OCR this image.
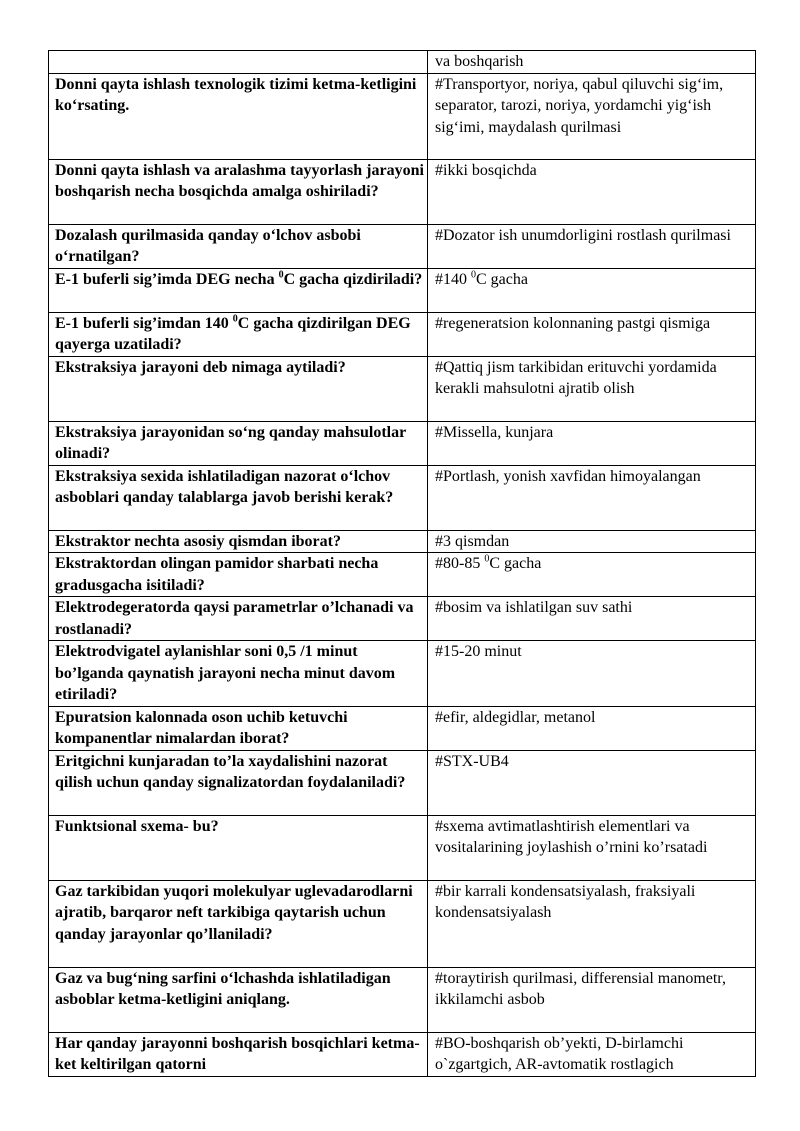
	va boshqarish
Donni qayta ishlash texnologik tizimi ketma-ketligini ko‘rsating.	#Transportyor, noriya, qabul qiluvchi sig‘im, separator, tarozi, noriya, yordamchi yig‘ish sig‘imi, maydalash qurilmasi
Donni qayta ishlash va aralashma tayyorlash jarayoni boshqarish necha bosqichda amalga oshiriladi?	#ikki bosqichda
Dozalash qurilmasida qanday o‘lchov asbobi o‘rnatilgan?	#Dozator ish unumdorligini rostlash qurilmasi
E-1 buferli sig’imda DEG necha $^0$C gacha qizdiriladi?	#140 $^0$C gacha
E-1 buferli sig’imdan 140 $^0$C gacha qizdirilgan DEG qayerga uzatiladi?	#regeneratsion kolonnaning pastgi qismiga
Ekstraksiya jarayoni deb nimaga aytiladi?	#Qattiq jism tarkibidan erituvchi yordamida kerakli mahsulotni ajratib olish
Ekstraksiya jarayonidan so‘ng qanday mahsulotlar olinadi?	#Missella, kunjara
Ekstraksiya sexida ishlatiladigan nazorat o‘lchov asboblari qanday talablarga javob berishi kerak?	#Portlash, yonish xavfidan himoyalangan
Ekstraktor nechta asosiy qismdan iborat?	#3 qismdan
Ekstraktordan olingan pamidor sharbati necha gradusgacha isitiladi?	#80-85 $^0$C gacha
Elektrodegeratorda qaysi parametrlar o’lchanadi va rostlanadi?	#bosim va ishlatilgan suv sathi
Elektrodvigatel aylanishlar soni 0,5 /1 minut bo’lganda qaynatish jarayoni necha minut davom etiriladi?	#15-20 minut
Epuratsion kalonnada oson uchib ketuvchi kompanentlar nimalardan iborat?	#efir, aldegidlar, metanol
Eritgichni kunjaradan to’la xaydalishini nazorat qilish uchun qanday signalizatordan foydalaniladi?	#STX-UB4
Funktsional sxema- bu?	#sxema avtimatlashtirish elementlari va vositalarining joylashish o’rnini ko’rsatadi
Gaz tarkibidan yuqori molekulyar uglevadarodlarni ajratib, barqaror neft tarkibiga qaytarish uchun qanday jarayonlar qo’llaniladi?	#bir karrali kondensatsiyalash, fraksiyali kondensatsiyalash
Gaz va bug‘ning sarfini o‘lchashda ishlatiladigan asboblar ketma-ketligini aniqlang.	#toraytirish qurilmasi, differensial manometr, ikkilamchi asbob
Har qanday jarayonni boshqarish bosqichlari ketma-ket keltirilgan qatorni	#BO-boshqarish ob’yekti, D-birlamchi o`zgartgich, AR-avtomatik rostlagich
